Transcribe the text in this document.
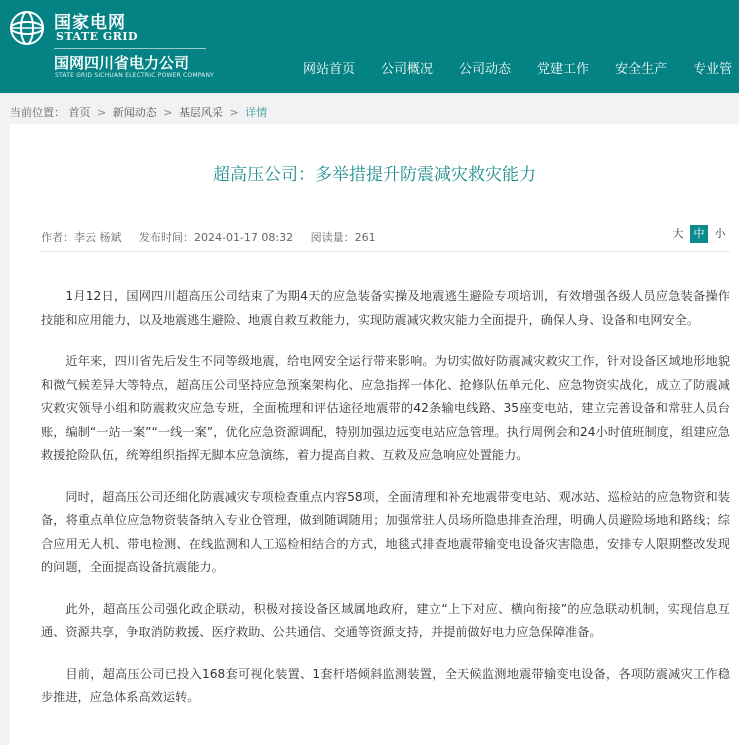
国家电网
STATE GRID
国网四川省电力公司
STATE GRID SICHUAN ELECTRIC POWER COMPANY	网站首页	公司概况	公司动态	党建工作	安全生产	专业管
当前位置： 首页 > 新闻动态 > 基层风采 > 详情
超高压公司：多举措提升防震减灾救灾能力
作者：李云 杨斌 发布时间：2024-01-17 08:32 阅读量：261	大 中 小

1月12日，国网四川超高压公司结束了为期4天的应急装备实操及地震逃生避险专项培训，有效增强各级人员应急装备操作技能和应用能力，以及地震逃生避险、地震自救互救能力，实现防震减灾救灾能力全面提升，确保人身、设备和电网安全。

近年来，四川省先后发生不同等级地震，给电网安全运行带来影响。为切实做好防震减灾救灾工作，针对设备区域地形地貌和微气候差异大等特点，超高压公司坚持应急预案架构化、应急指挥一体化、抢修队伍单元化、应急物资实战化，成立了防震减灾救灾领导小组和防震救灾应急专班，全面梳理和评估途径地震带的42条输电线路、35座变电站，建立完善设备和常驻人员台账，编制“一站一案”“一线一案”，优化应急资源调配，特别加强边远变电站应急管理。执行周例会和24小时值班制度，组建应急救援抢险队伍，统筹组织指挥无脚本应急演练，着力提高自救、互救及应急响应处置能力。

同时，超高压公司还细化防震减灾专项检查重点内容58项，全面清理和补充地震带变电站、观冰站、巡检站的应急物资和装备，将重点单位应急物资装备纳入专业仓管理，做到随调随用；加强常驻人员场所隐患排查治理，明确人员避险场地和路线；综合应用无人机、带电检测、在线监测和人工巡检相结合的方式，地毯式排查地震带输变电设备灾害隐患，安排专人限期整改发现的问题，全面提高设备抗震能力。

此外，超高压公司强化政企联动，积极对接设备区域属地政府，建立“上下对应、横向衔接”的应急联动机制，实现信息互通、资源共享，争取消防救援、医疗救助、公共通信、交通等资源支持，并提前做好电力应急保障准备。

目前，超高压公司已投入168套可视化装置、1套杆塔倾斜监测装置，全天候监测地震带输变电设备，各项防震减灾工作稳步推进，应急体系高效运转。
